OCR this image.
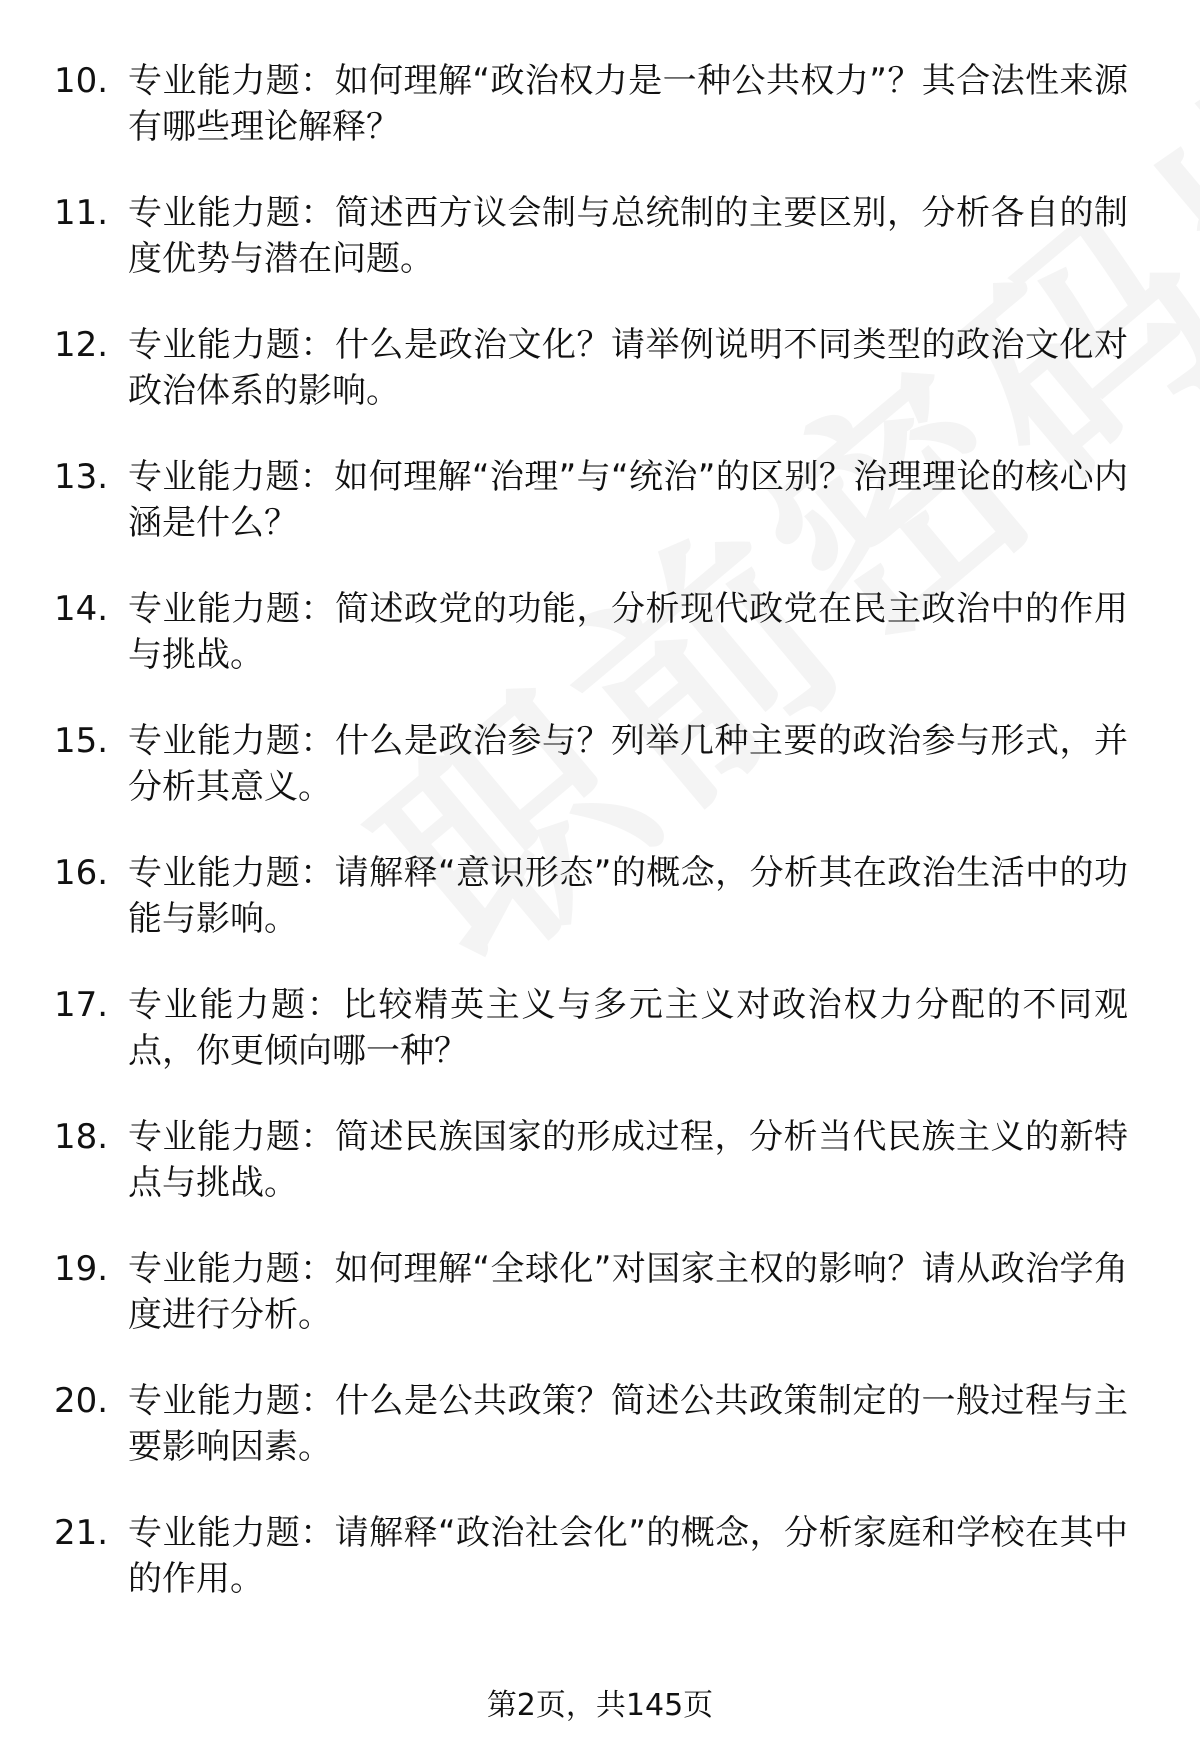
10. 专业能力题：如何理解“政治权力是一种公共权力”？其合法性来源有哪些理论解释？
11. 专业能力题：简述西方议会制与总统制的主要区别，分析各自的制度优势与潜在问题。
12. 专业能力题：什么是政治文化？请举例说明不同类型的政治文化对政治体系的影响。
13. 专业能力题：如何理解“治理”与“统治”的区别？治理理论的核心内涵是什么？
14. 专业能力题：简述政党的功能，分析现代政党在民主政治中的作用与挑战。
15. 专业能力题：什么是政治参与？列举几种主要的政治参与形式，并分析其意义。
16. 专业能力题：请解释“意识形态”的概念，分析其在政治生活中的功能与影响。
17. 专业能力题：比较精英主义与多元主义对政治权力分配的不同观点，你更倾向哪一种？
18. 专业能力题：简述民族国家的形成过程，分析当代民族主义的新特点与挑战。
19. 专业能力题：如何理解“全球化”对国家主权的影响？请从政治学角度进行分析。
20. 专业能力题：什么是公共政策？简述公共政策制定的一般过程与主要影响因素。
21. 专业能力题：请解释“政治社会化”的概念，分析家庭和学校在其中的作用。
第2页，共145页
